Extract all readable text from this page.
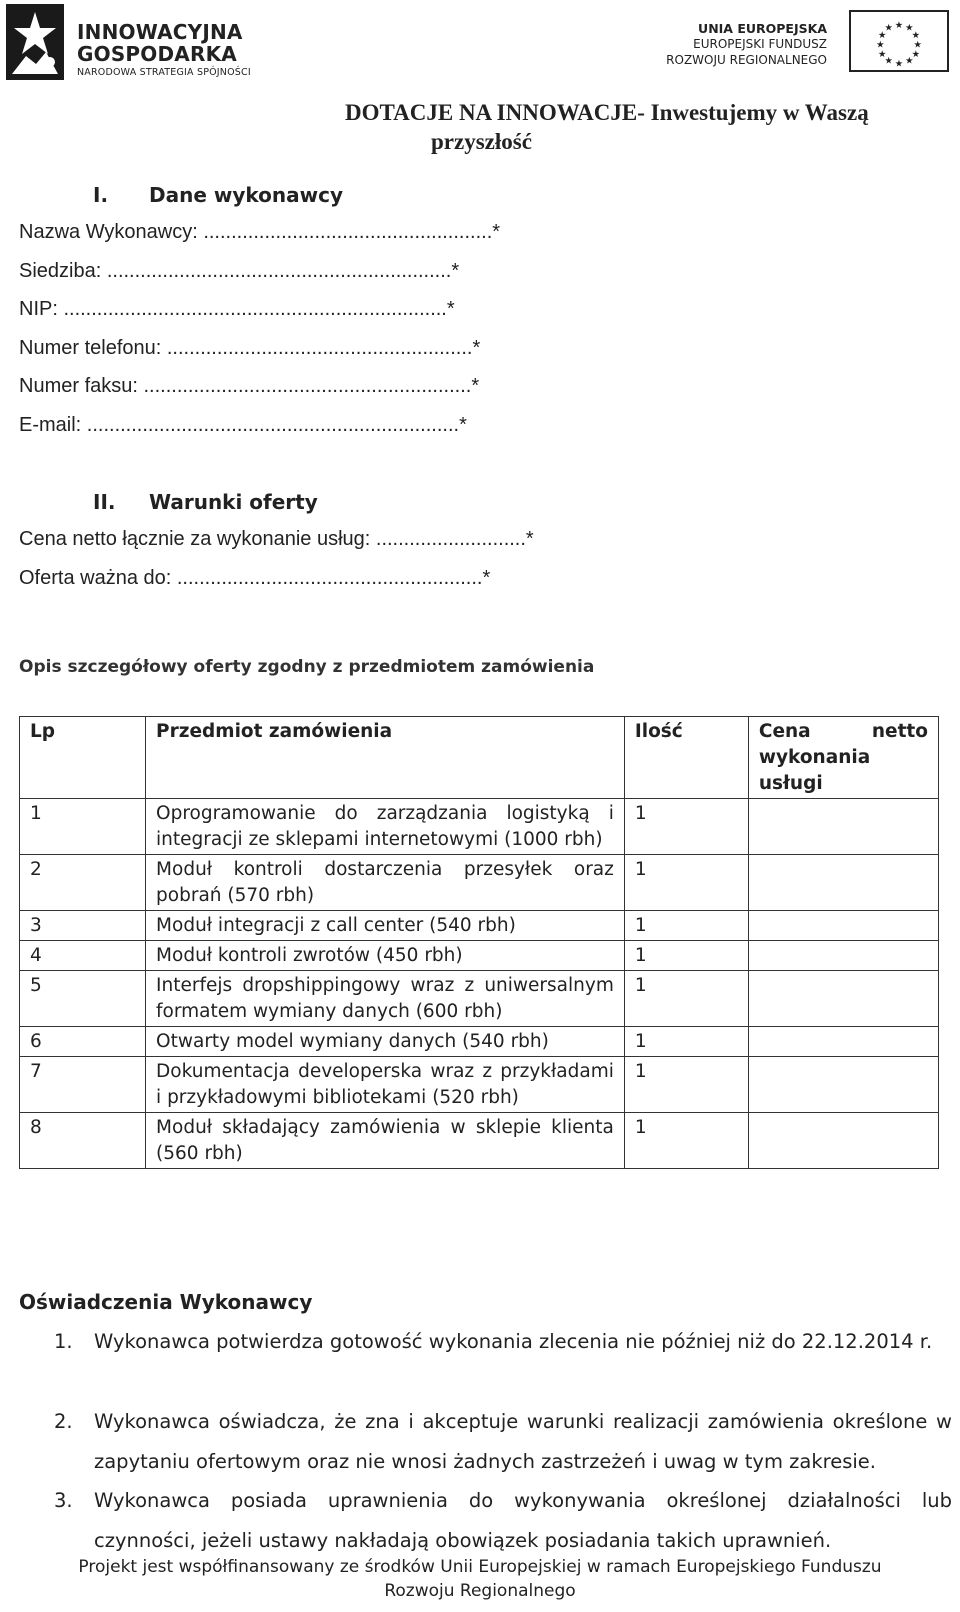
INNOWACYJNA
GOSPODARKA
NARODOWA STRATEGIA SPÓJNOŚCI
UNIA EUROPEJSKA
EUROPEJSKI FUNDUSZ
ROZWOJU REGIONALNEGO
★ ★
★
★
★
★
★
★
★
★
★
★
DOTACJE NA INNOWACJE- Inwestujemy w Waszą
przyszłość
I. Dane wykonawcy
Nazwa Wykonawcy: ....................................................*
Siedziba: ..............................................................*
NIP: .....................................................................*
Numer telefonu: .......................................................*
Numer faksu: ...........................................................*
E-mail: ...................................................................*
II. Warunki oferty
Cena netto łącznie za wykonanie usług: ...........................*
Oferta ważna do: .......................................................*
Opis szczegółowy oferty zgodny z przedmiotem zamówienia
Lp	Przedmiot zamówienia	Ilość	Cena netto
wykonania usługi

1	Oprogramowanie do zarządzania logistyką i integracji ze sklepami internetowymi (1000 rbh)	1	
2	Moduł kontroli dostarczenia przesyłek oraz pobrań (570 rbh)	1	
3	Moduł integracji z call center (540 rbh)	1	
4	Moduł kontroli zwrotów (450 rbh)	1	
5	Interfejs dropshippingowy wraz z uniwersalnym formatem wymiany danych (600 rbh)	1	
6	Otwarty model wymiany danych (540 rbh)	1	
7	Dokumentacja developerska wraz z przykładami i przykładowymi bibliotekami (520 rbh)	1	
8	Moduł składający zamówienia w sklepie klienta (560 rbh)	1	
Oświadczenia Wykonawcy
1. Wykonawca potwierdza gotowość wykonania zlecenia nie później niż do 22.12.2014 r.
2. Wykonawca oświadcza, że zna i akceptuje warunki realizacji zamówienia określone w zapytaniu ofertowym oraz nie wnosi żadnych zastrzeżeń i uwag w tym zakresie.
3. Wykonawca posiada uprawnienia do wykonywania określonej działalności lub czynności, jeżeli ustawy nakładają obowiązek posiadania takich uprawnień.
Projekt jest współfinansowany ze środków Unii Europejskiej w ramach Europejskiego Funduszu
Rozwoju Regionalnego
